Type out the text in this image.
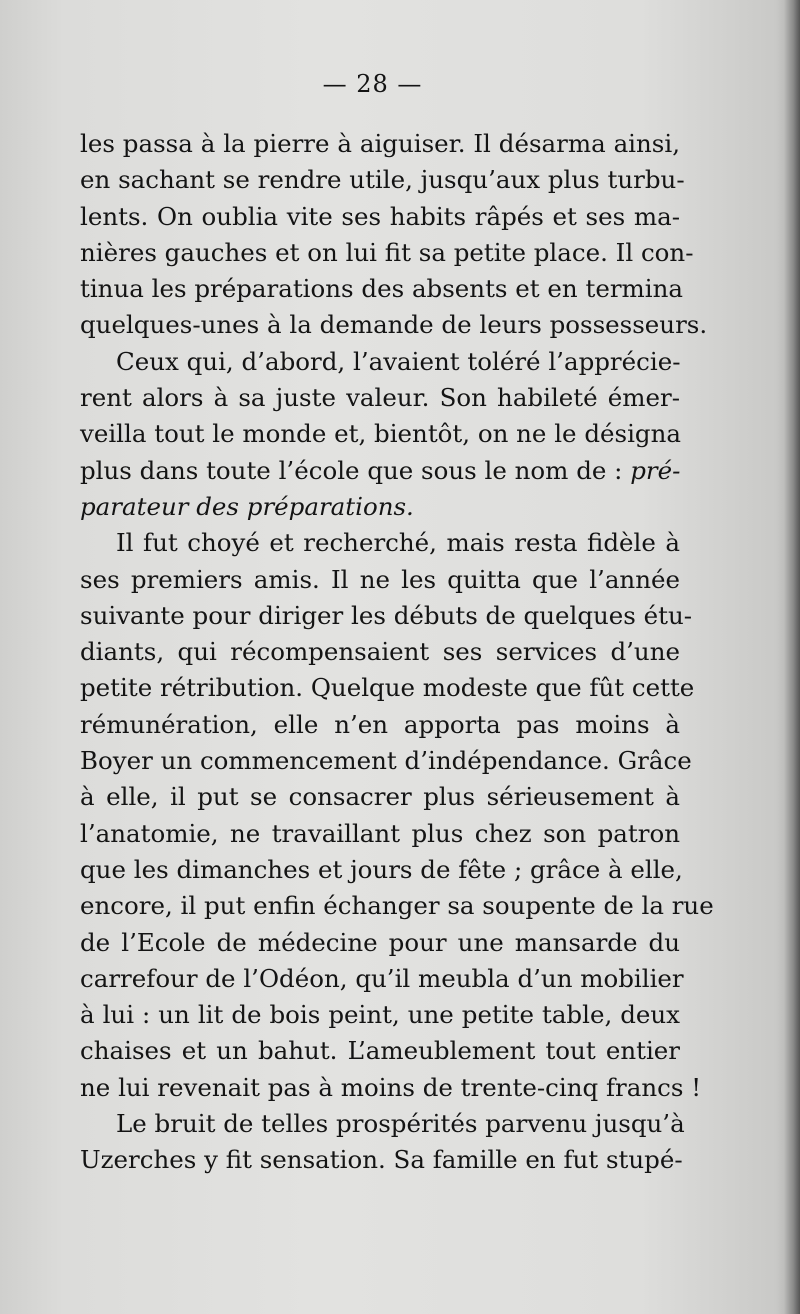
— 28 —
les passa à la pierre à aiguiser. Il désarma ainsi,
en sachant se rendre utile, jusqu’aux plus turbu-
lents. On oublia vite ses habits râpés et ses ma-
nières gauches et on lui fit sa petite place. Il con-
tinua les préparations des absents et en termina
quelques-unes à la demande de leurs possesseurs.
Ceux qui, d’abord, l’avaient toléré l’apprécie-
rent alors à sa juste valeur. Son habileté émer-
veilla tout le monde et, bientôt, on ne le désigna
plus dans toute l’école que sous le nom de : pré-
parateur des préparations.
Il fut choyé et recherché, mais resta fidèle à
ses premiers amis. Il ne les quitta que l’année
suivante pour diriger les débuts de quelques étu-
diants, qui récompensaient ses services d’une
petite rétribution. Quelque modeste que fût cette
rémunération, elle n’en apporta pas moins à
Boyer un commencement d’indépendance. Grâce
à elle, il put se consacrer plus sérieusement à
l’anatomie, ne travaillant plus chez son patron
que les dimanches et jours de fête ; grâce à elle,
encore, il put enfin échanger sa soupente de la rue
de l’Ecole de médecine pour une mansarde du
carrefour de l’Odéon, qu’il meubla d’un mobilier
à lui : un lit de bois peint, une petite table, deux
chaises et un bahut. L’ameublement tout entier
ne lui revenait pas à moins de trente-cinq francs !
Le bruit de telles prospérités parvenu jusqu’à
Uzerches y fit sensation. Sa famille en fut stupé-
